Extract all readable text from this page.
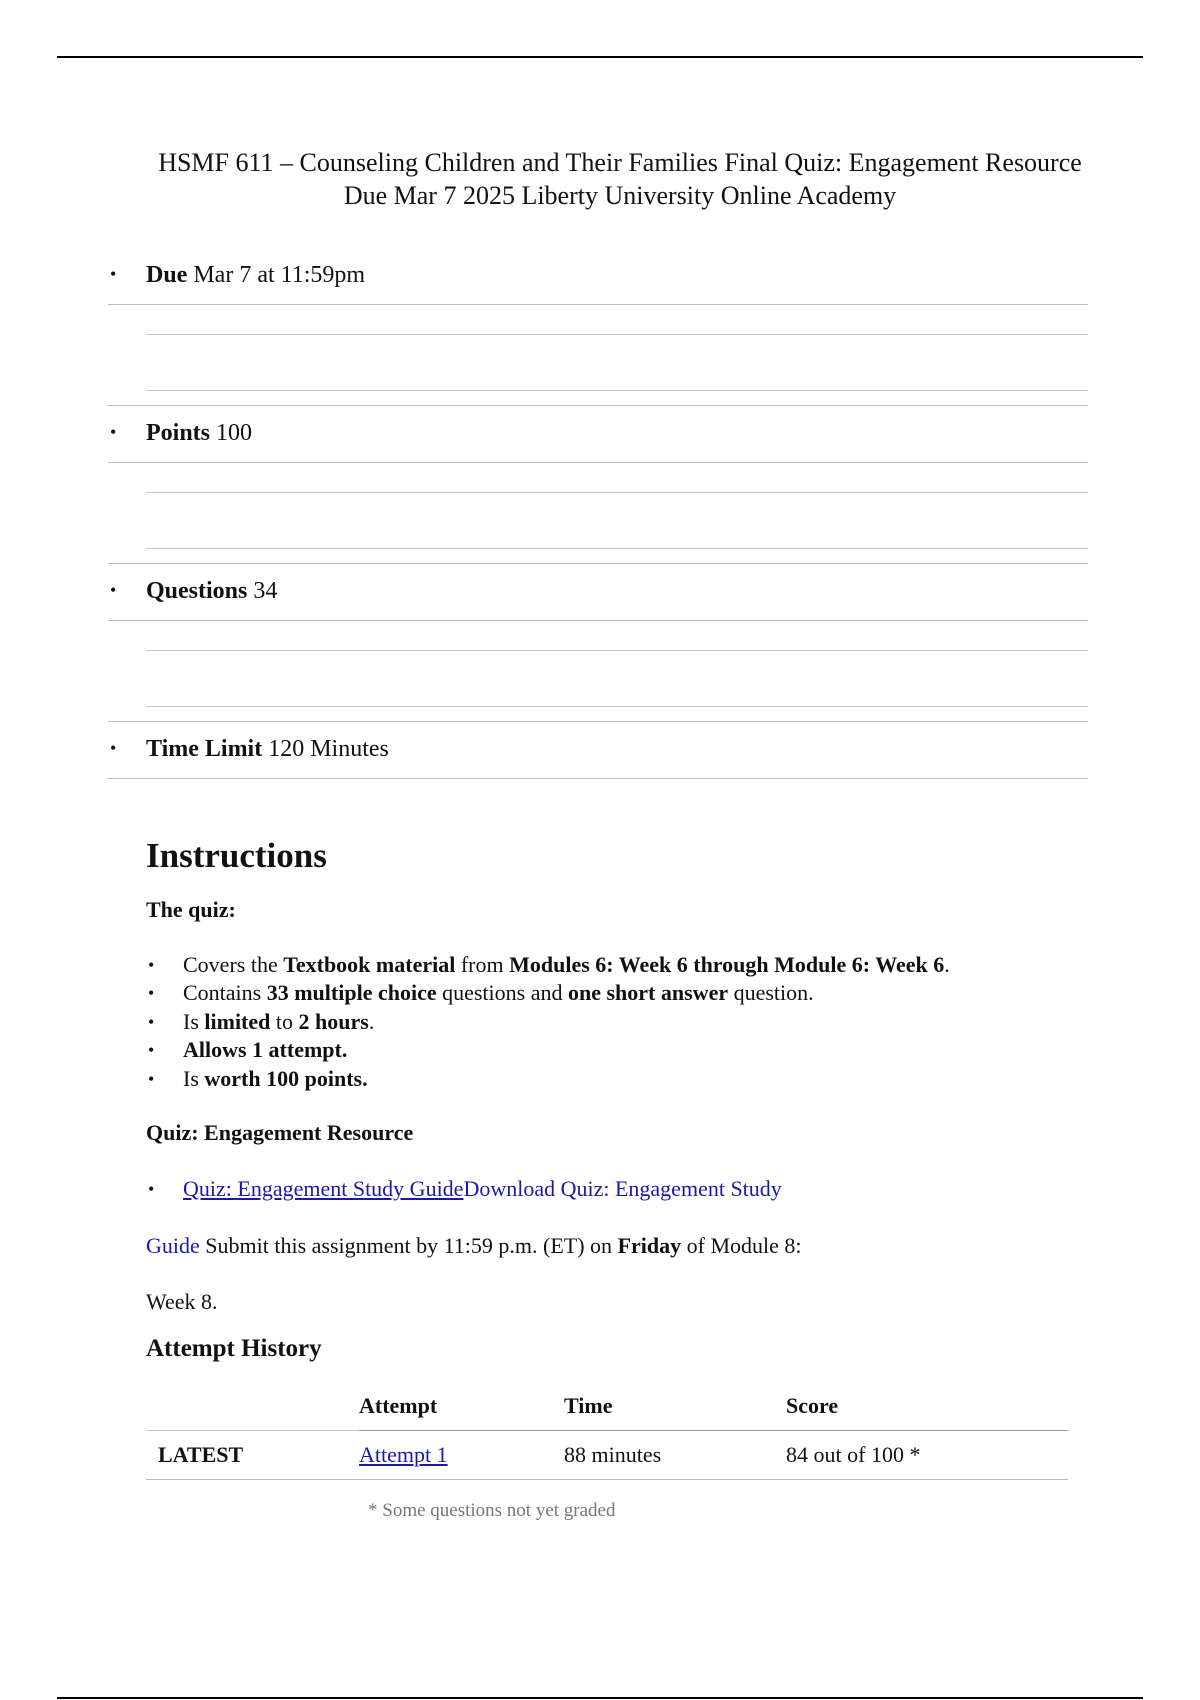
HSMF 611 – Counseling Children and Their Families Final Quiz: Engagement Resource
Due Mar 7 2025 Liberty University Online Academy
• Due Mar 7 at 11:59pm
• Points 100
• Questions 34
• Time Limit 120 Minutes
Instructions
The quiz:
• Covers the Textbook material from Modules 6: Week 6 through Module 6: Week 6.
• Contains 33 multiple choice questions and one short answer question.
• Is limited to 2 hours.
• Allows 1 attempt.
• Is worth 100 points.
Quiz: Engagement Resource
• Quiz: Engagement Study GuideDownload Quiz: Engagement Study
Guide Submit this assignment by 11:59 p.m. (ET) on Friday of Module 8:
Week 8.
Attempt History
	Attempt	Time	Score
LATEST	Attempt 1	88 minutes	84 out of 100 *
* Some questions not yet graded
